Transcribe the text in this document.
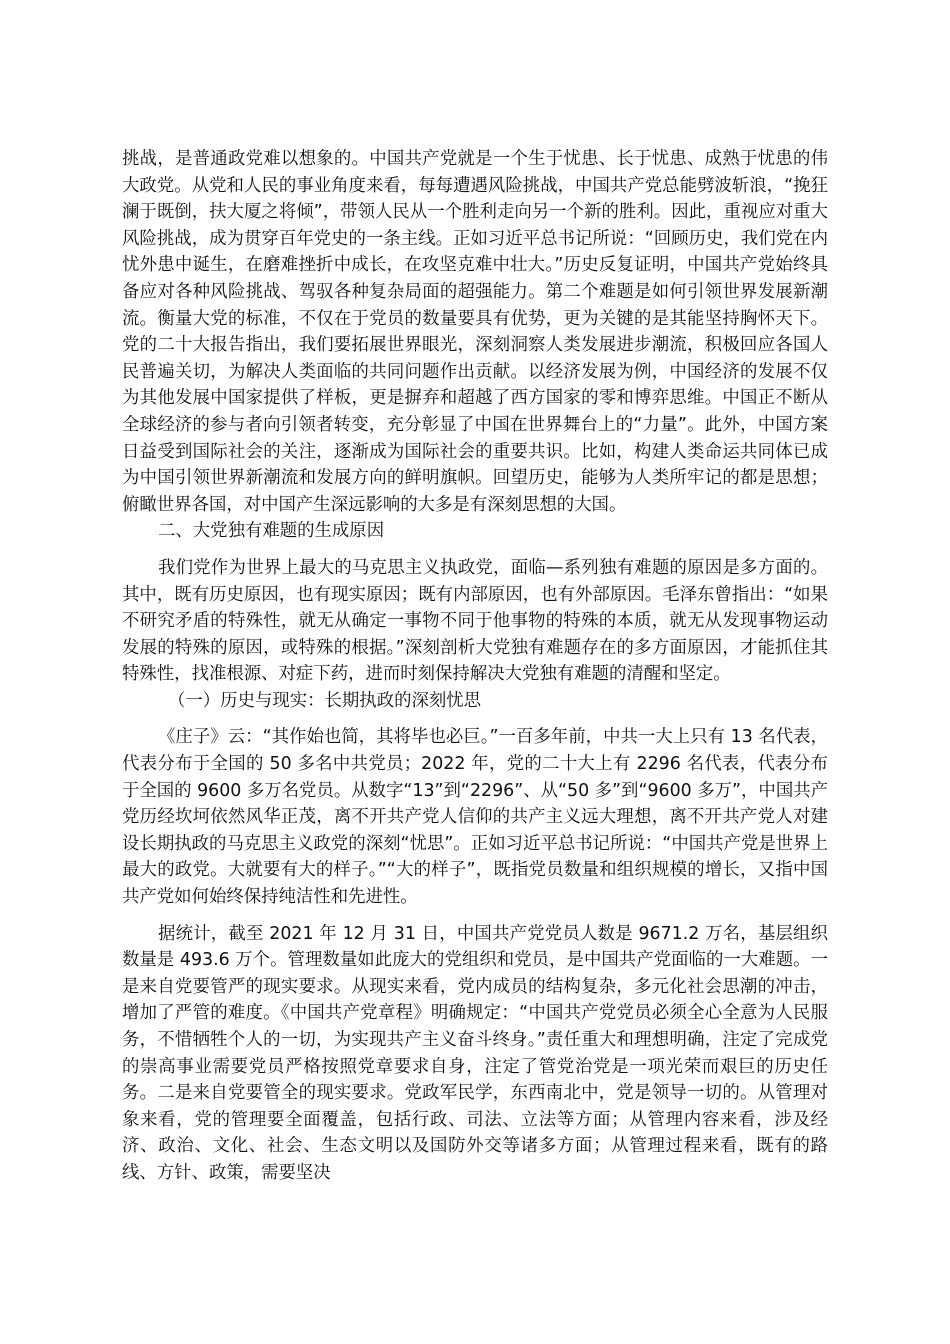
挑战，是普通政党难以想象的。中国共产党就是一个生于忧患、长于忧患、成熟于忧患的伟大政党。从党和人民的事业角度来看，每每遭遇风险挑战，中国共产党总能劈波斩浪，“挽狂澜于既倒，扶大厦之将倾”，带领人民从一个胜利走向另一个新的胜利。因此，重视应对重大风险挑战，成为贯穿百年党史的一条主线。正如习近平总书记所说：“回顾历史，我们党在内忧外患中诞生，在磨难挫折中成长，在攻坚克难中壮大。”历史反复证明，中国共产党始终具备应对各种风险挑战、驾驭各种复杂局面的超强能力。第二个难题是如何引领世界发展新潮流。衡量大党的标准，不仅在于党员的数量要具有优势，更为关键的是其能坚持胸怀天下。党的二十大报告指出，我们要拓展世界眼光，深刻洞察人类发展进步潮流，积极回应各国人民普遍关切，为解决人类面临的共同问题作出贡献。以经济发展为例，中国经济的发展不仅为其他发展中国家提供了样板，更是摒弃和超越了西方国家的零和博弈思维。中国正不断从全球经济的参与者向引领者转变，充分彰显了中国在世界舞台上的“力量”。此外，中国方案日益受到国际社会的关注，逐渐成为国际社会的重要共识。比如，构建人类命运共同体已成为中国引领世界新潮流和发展方向的鲜明旗帜。回望历史，能够为人类所牢记的都是思想；俯瞰世界各国，对中国产生深远影响的大多是有深刻思想的大国。

二、大党独有难题的生成原因

我们党作为世界上最大的马克思主义执政党，面临—系列独有难题的原因是多方面的。其中，既有历史原因，也有现实原因；既有内部原因，也有外部原因。毛泽东曾指出：“如果不研究矛盾的特殊性，就无从确定一事物不同于他事物的特殊的本质，就无从发现事物运动发展的特殊的原因，或特殊的根据。”深刻剖析大党独有难题存在的多方面原因，才能抓住其特殊性，找准根源、对症下药，进而时刻保持解决大党独有难题的清醒和坚定。

（一）历史与现实：长期执政的深刻忧思

《庄子》云：“其作始也简，其将毕也必巨。”一百多年前，中共一大上只有 13 名代表，代表分布于全国的 50 多名中共党员；2022 年，党的二十大上有 2296 名代表，代表分布于全国的 9600 多万名党员。从数字“13”到“2296”、从“50 多”到“9600 多万”，中国共产党历经坎坷依然风华正茂，离不开共产党人信仰的共产主义远大理想，离不开共产党人对建设长期执政的马克思主义政党的深刻“忧思”。正如习近平总书记所说：“中国共产党是世界上最大的政党。大就要有大的样子。”“大的样子”，既指党员数量和组织规模的增长，又指中国共产党如何始终保持纯洁性和先进性。

据统计，截至 2021 年 12 月 31 日，中国共产党党员人数是 9671.2 万名，基层组织数量是 493.6 万个。管理数量如此庞大的党组织和党员，是中国共产党面临的一大难题。一是来自党要管严的现实要求。从现实来看，党内成员的结构复杂，多元化社会思潮的冲击，增加了严管的难度。《中国共产党章程》明确规定：“中国共产党党员必须全心全意为人民服务，不惜牺牲个人的一切，为实现共产主义奋斗终身。”责任重大和理想明确，注定了完成党的崇高事业需要党员严格按照党章要求自身，注定了管党治党是一项光荣而艰巨的历史任务。二是来自党要管全的现实要求。党政军民学，东西南北中，党是领导一切的。从管理对象来看，党的管理要全面覆盖，包括行政、司法、立法等方面；从管理内容来看，涉及经济、政治、文化、社会、生态文明以及国防外交等诸多方面；从管理过程来看，既有的路线、方针、政策，需要坚决
